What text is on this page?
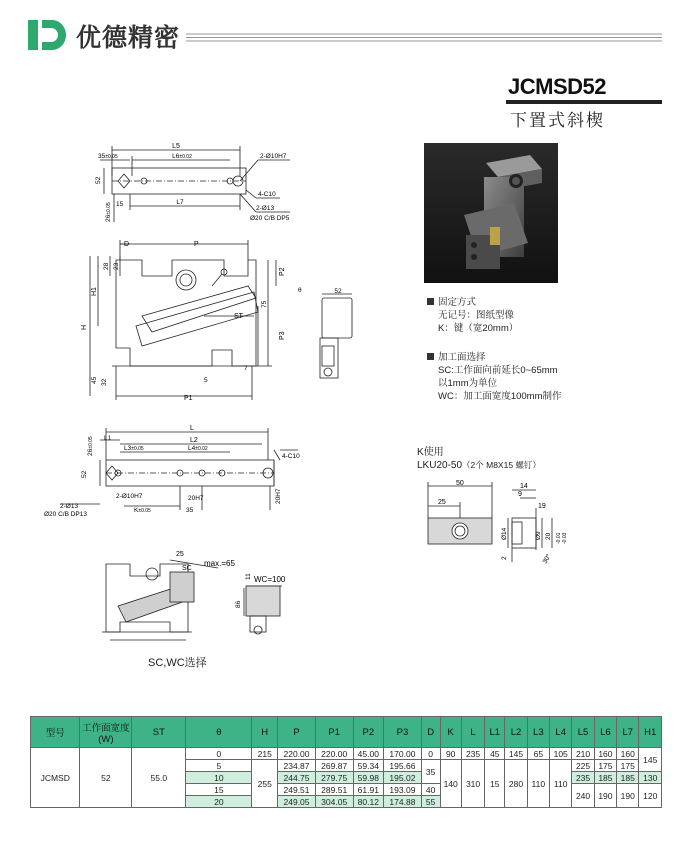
优德精密
JCMSD52
下置式斜楔
L5
L6±0.02
35±0.05
52
26±0.05 15	L7
2-Ø10H7
4-C10
2-Ø13
Ø20 C/B DP5
D	P
H
H1
28 23
45 32
P1
P2
P3
ST
75
5
7
θ	52
L
L1	L2
L3±0.05	L4±0.02
26±0.05
52
4-C10
2-Ø10H7	20H7	20H7
35
K±0.05
2-Ø13
Ø20 C/B DP13
固定方式
无记号：图纸型像
K：键（宽20mm）
加工面选择
SC:工作面向前延长0~65mm
以1mm为单位
WC：加工面宽度100mm制作
K使用
LKU20-50（2个 M8X15 螺钉）
50
25
14
9
19
Ø14	Ø9 20 -0.01 -0.03
2	30°
25
SC
max.=65
WC=100
11
86
SC,WC选择
型号	工作面宽度(W)	ST	θ	H	P	P1	P2	P3	D	K	L	L1	L2	L3	L4	L5	L6	L7	H1
JCMSD	52	55.0	0	215	220.00	220.00	45.00	170.00	0	90	235	45	145	65	105	210	160	160	145
			5	255	234.87	269.87	59.34	195.66	35	140	310	15	280	110	110	225	175	175	
			10		244.75	279.75	59.98	195.02								235	185	185	130
			15		249.51	289.51	61.91	193.09	40							240	190	190	120
			20		249.05	304.05	80.12	174.88	55										
